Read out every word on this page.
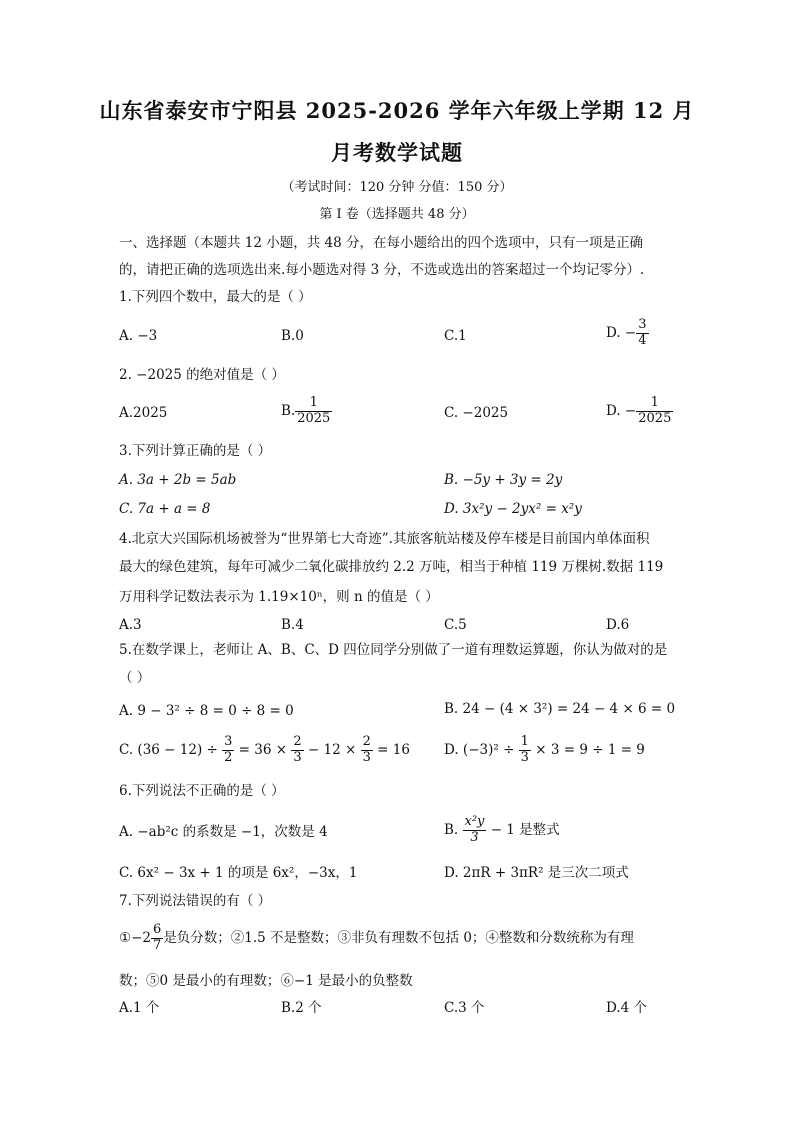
山东省泰安市宁阳县 2025-2026 学年六年级上学期 12 月
月考数学试题
（考试时间：120 分钟 分值：150 分）
第 I 卷（选择题共 48 分）
一、选择题（本题共 12 小题，共 48 分，在每小题给出的四个选项中，只有一项是正确
的，请把正确的选项选出来.每小题选对得 3 分，不选或选出的答案超过一个均记零分）.
1.下列四个数中，最大的是（ ）
A. −3	B.0	C.1	D. − $\frac{3}{4}$
2. −2025 的绝对值是（ ）
A.2025	B. $\frac{1}{2025}$	C. −2025	D. − $\frac{1}{2025}$
3.下列计算正确的是（ ）
A. 3a + 2b = 5ab	B. −5y + 3y = 2y
C. 7a + a = 8	D. 3x²y − 2yx² = x²y
4.北京大兴国际机场被誉为“世界第七大奇迹”.其旅客航站楼及停车楼是目前国内单体面积
最大的绿色建筑，每年可减少二氧化碳排放约 2.2 万吨，相当于种植 119 万棵树.数据 119
万用科学记数法表示为 1.19×10ⁿ，则 n 的值是（ ）
A.3	B.4	C.5	D.6
5.在数学课上，老师让 A、B、C、D 四位同学分别做了一道有理数运算题，你认为做对的是
（ ）
A. 9 − 3² ÷ 8 = 0 ÷ 8 = 0	B. 24 − (4 × 3²) = 24 − 4 × 6 = 0
C. $(36 - 12) \div \frac{3}{2} = 36 \times \frac{2}{3} - 12 \times \frac{2}{3} = 16$	D. $(-3)^2 \div \frac{1}{3} \times 3 = 9 \div 1 = 9$
6.下列说法不正确的是（ ）
A. −ab²c 的系数是 −1，次数是 4	B. $\frac{\text{x²y}}{3} - 1$ 是整式
C. 6x² − 3x + 1 的项是 6x²，−3x，1	D. 2πR + 3πR² 是三次二项式
7.下列说法错误的有（ ）
①−2 $\frac{6}{7}$ 是负分数；②1.5 不是整数；③非负有理数不包括 0；④整数和分数统称为有理
数；⑤0 是最小的有理数；⑥−1 是最小的负整数
A.1 个	B.2 个	C.3 个	D.4 个
